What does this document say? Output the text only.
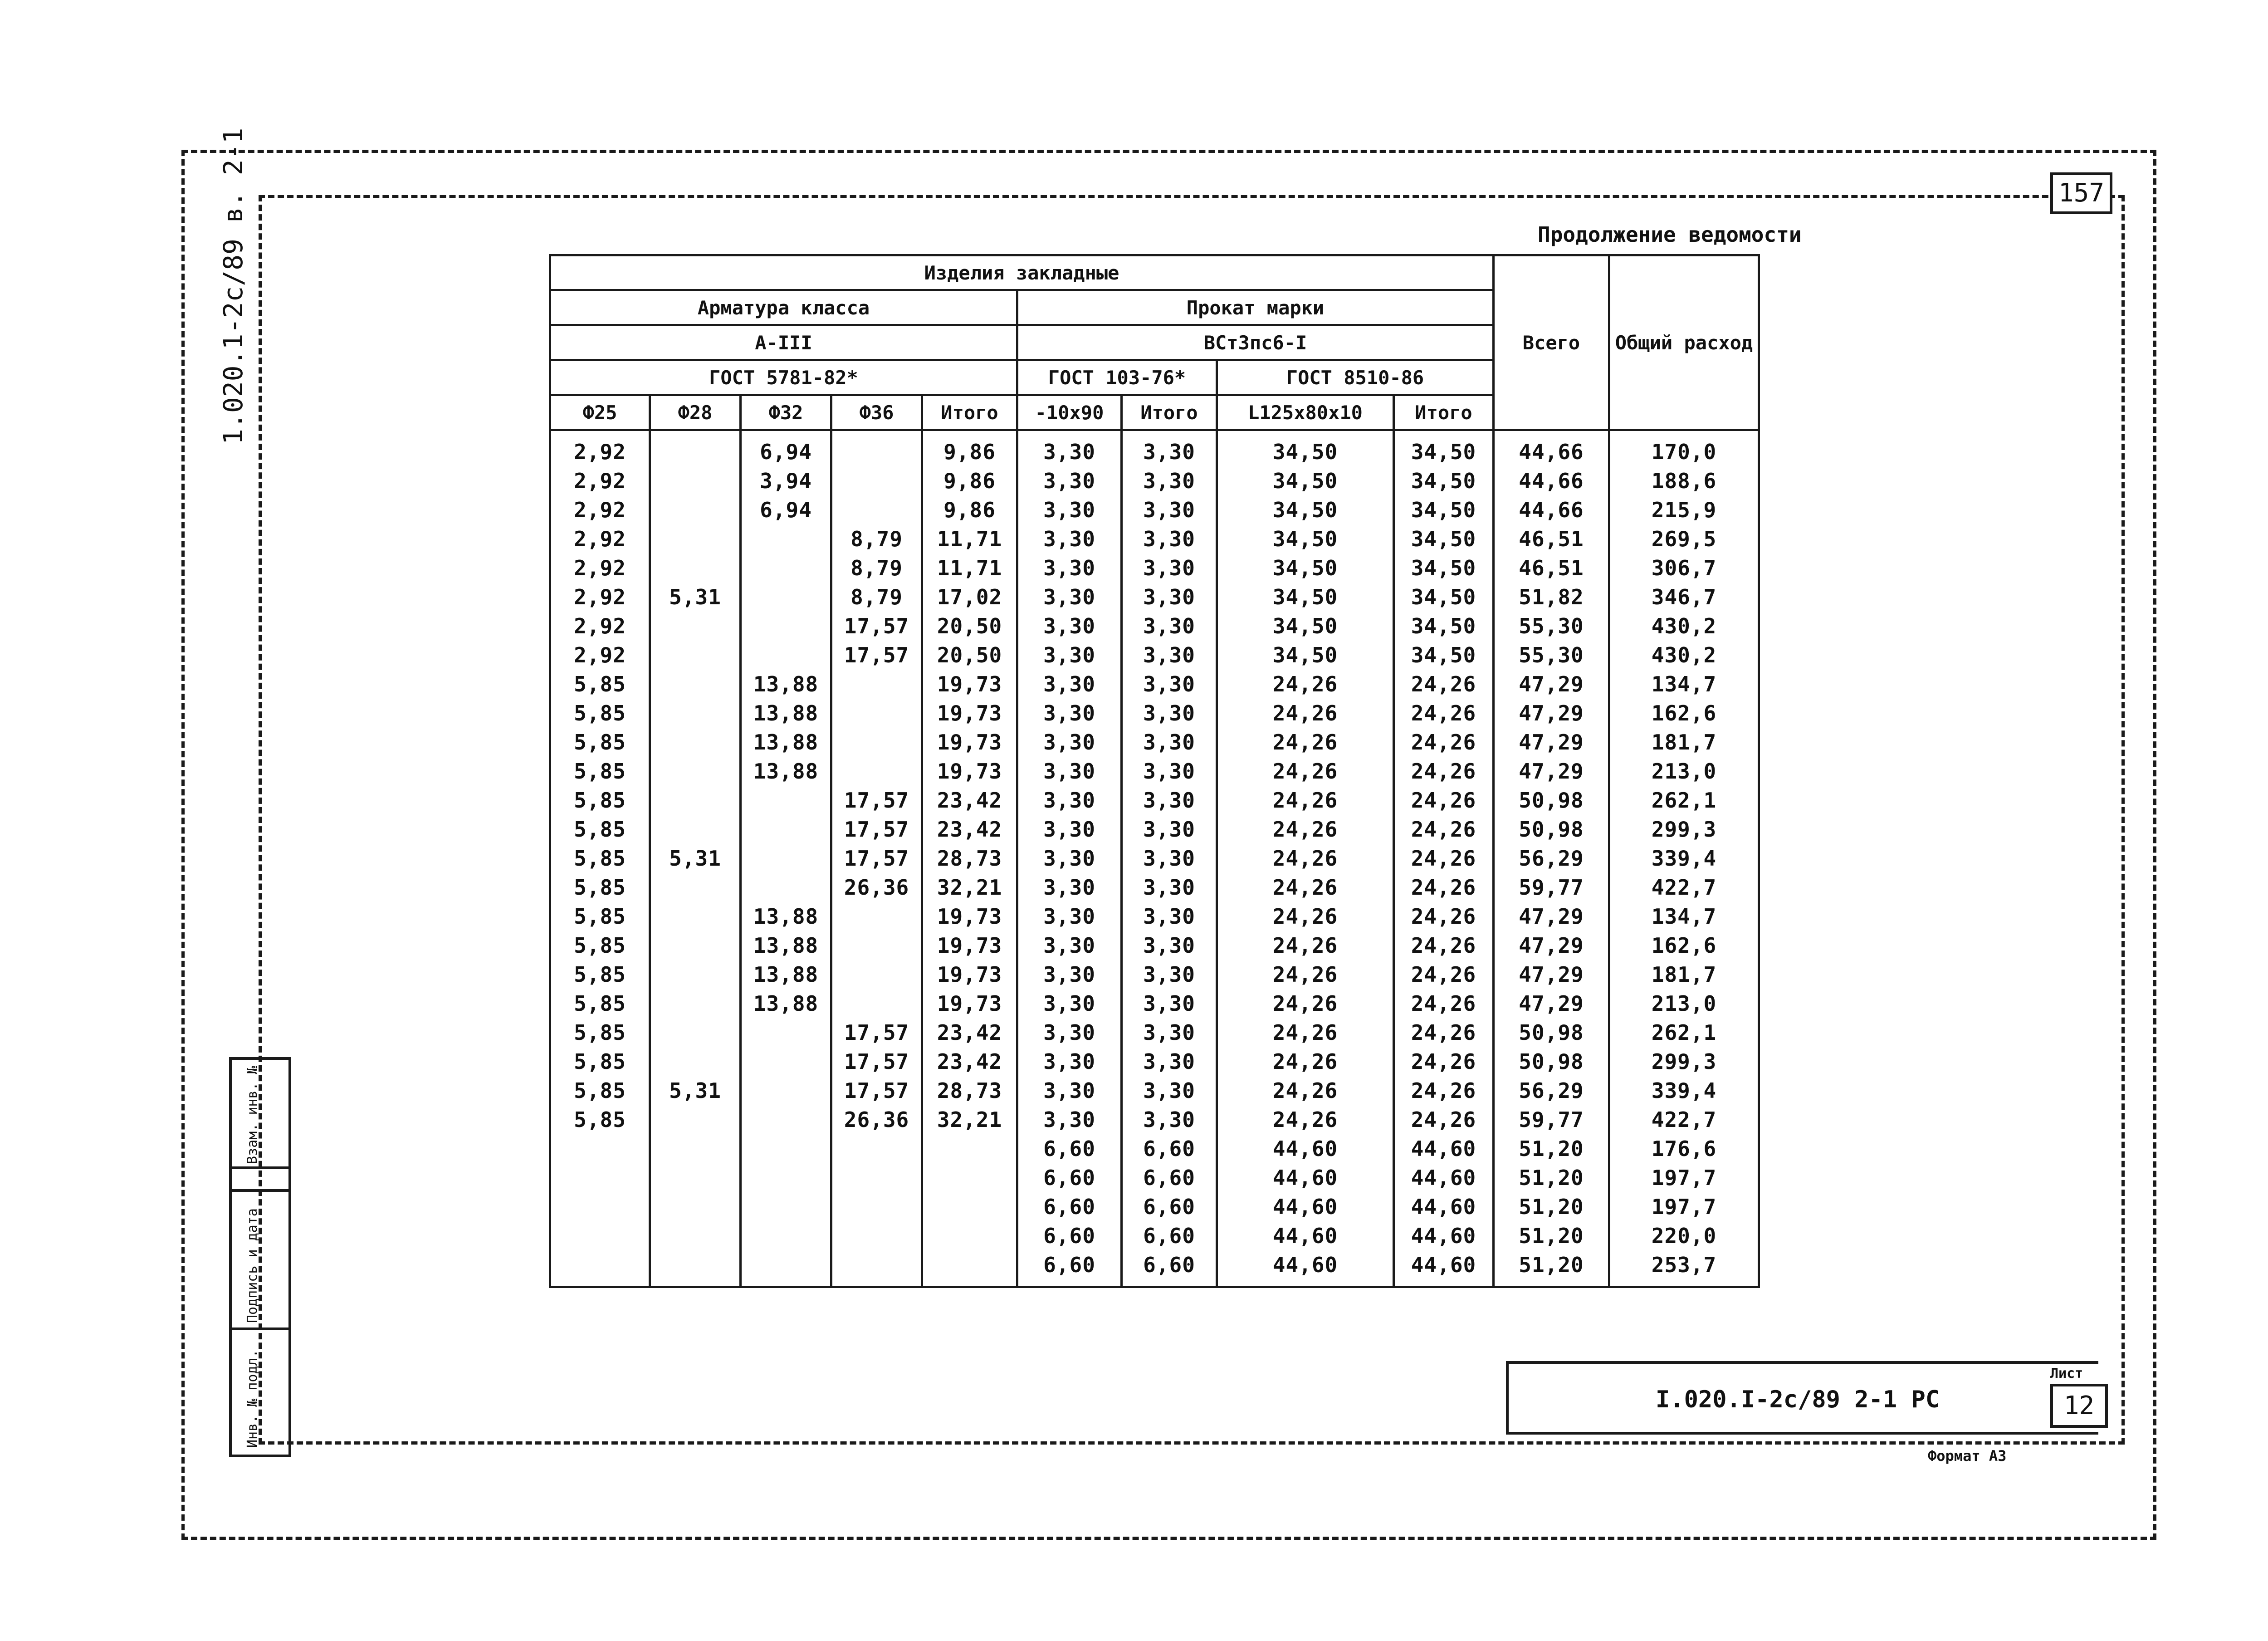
157
Продолжение ведомости
1.020.1-2с/89 в. 2-1
Инв. № подл.
Подпись и дата
Взам. инв. №
Изделия закладные									Всего	Общий расход
Арматура класса					Прокат марки					
А-III					ВСт3пс6-I					
ГОСТ 5781-82*					ГОСТ 103-76*		ГОСТ 8510-86			
Ф25	Ф28	Ф32	Ф36	Итого	-10х90	Итого	L125х80х10	Итого		
2,92		6,94		9,86	3,30	3,30	34,50	34,50	44,66	170,0
2,92		3,94		9,86	3,30	3,30	34,50	34,50	44,66	188,6
2,92		6,94		9,86	3,30	3,30	34,50	34,50	44,66	215,9
2,92			8,79	11,71	3,30	3,30	34,50	34,50	46,51	269,5
2,92			8,79	11,71	3,30	3,30	34,50	34,50	46,51	306,7
2,92	5,31		8,79	17,02	3,30	3,30	34,50	34,50	51,82	346,7
2,92			17,57	20,50	3,30	3,30	34,50	34,50	55,30	430,2
2,92			17,57	20,50	3,30	3,30	34,50	34,50	55,30	430,2
5,85		13,88		19,73	3,30	3,30	24,26	24,26	47,29	134,7
5,85		13,88		19,73	3,30	3,30	24,26	24,26	47,29	162,6
5,85		13,88		19,73	3,30	3,30	24,26	24,26	47,29	181,7
5,85		13,88		19,73	3,30	3,30	24,26	24,26	47,29	213,0
5,85			17,57	23,42	3,30	3,30	24,26	24,26	50,98	262,1
5,85			17,57	23,42	3,30	3,30	24,26	24,26	50,98	299,3
5,85	5,31		17,57	28,73	3,30	3,30	24,26	24,26	56,29	339,4
5,85			26,36	32,21	3,30	3,30	24,26	24,26	59,77	422,7
5,85		13,88		19,73	3,30	3,30	24,26	24,26	47,29	134,7
5,85		13,88		19,73	3,30	3,30	24,26	24,26	47,29	162,6
5,85		13,88		19,73	3,30	3,30	24,26	24,26	47,29	181,7
5,85		13,88		19,73	3,30	3,30	24,26	24,26	47,29	213,0
5,85			17,57	23,42	3,30	3,30	24,26	24,26	50,98	262,1
5,85			17,57	23,42	3,30	3,30	24,26	24,26	50,98	299,3
5,85	5,31		17,57	28,73	3,30	3,30	24,26	24,26	56,29	339,4
5,85			26,36	32,21	3,30	3,30	24,26	24,26	59,77	422,7
					6,60	6,60	44,60	44,60	51,20	176,6
					6,60	6,60	44,60	44,60	51,20	197,7
					6,60	6,60	44,60	44,60	51,20	197,7
					6,60	6,60	44,60	44,60	51,20	220,0
					6,60	6,60	44,60	44,60	51,20	253,7
I.020.I-2с/89 2-1 РС
Лист
12
Формат А3
